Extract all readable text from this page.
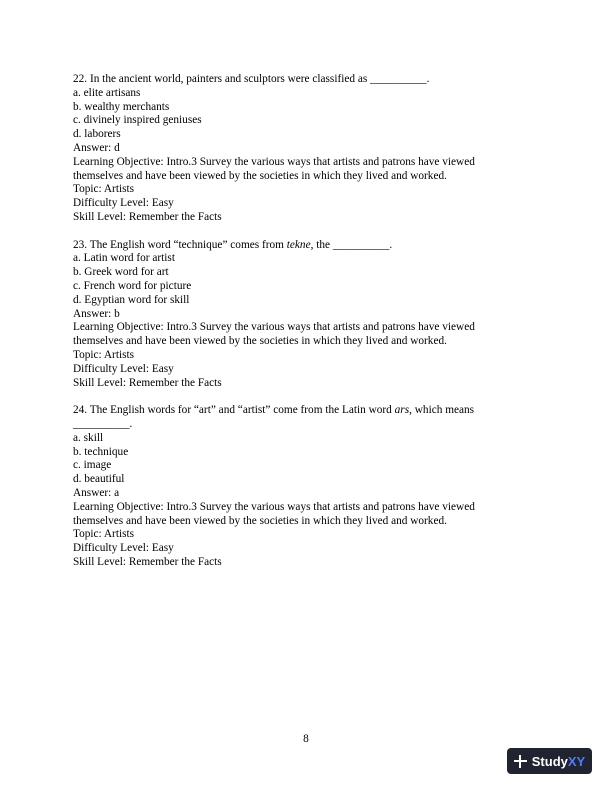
22. In the ancient world, painters and sculptors were classified as __________.
a. elite artisans
b. wealthy merchants
c. divinely inspired geniuses
d. laborers
Answer: d
Learning Objective: Intro.3 Survey the various ways that artists and patrons have viewed
themselves and have been viewed by the societies in which they lived and worked.
Topic: Artists
Difficulty Level: Easy
Skill Level: Remember the Facts
23. The English word “technique” comes from tekne, the __________.
a. Latin word for artist
b. Greek word for art
c. French word for picture
d. Egyptian word for skill
Answer: b
Learning Objective: Intro.3 Survey the various ways that artists and patrons have viewed
themselves and have been viewed by the societies in which they lived and worked.
Topic: Artists
Difficulty Level: Easy
Skill Level: Remember the Facts
24. The English words for “art” and “artist” come from the Latin word ars, which means
__________.
a. skill
b. technique
c. image
d. beautiful
Answer: a
Learning Objective: Intro.3 Survey the various ways that artists and patrons have viewed
themselves and have been viewed by the societies in which they lived and worked.
Topic: Artists
Difficulty Level: Easy
Skill Level: Remember the Facts
8
StudyXY
